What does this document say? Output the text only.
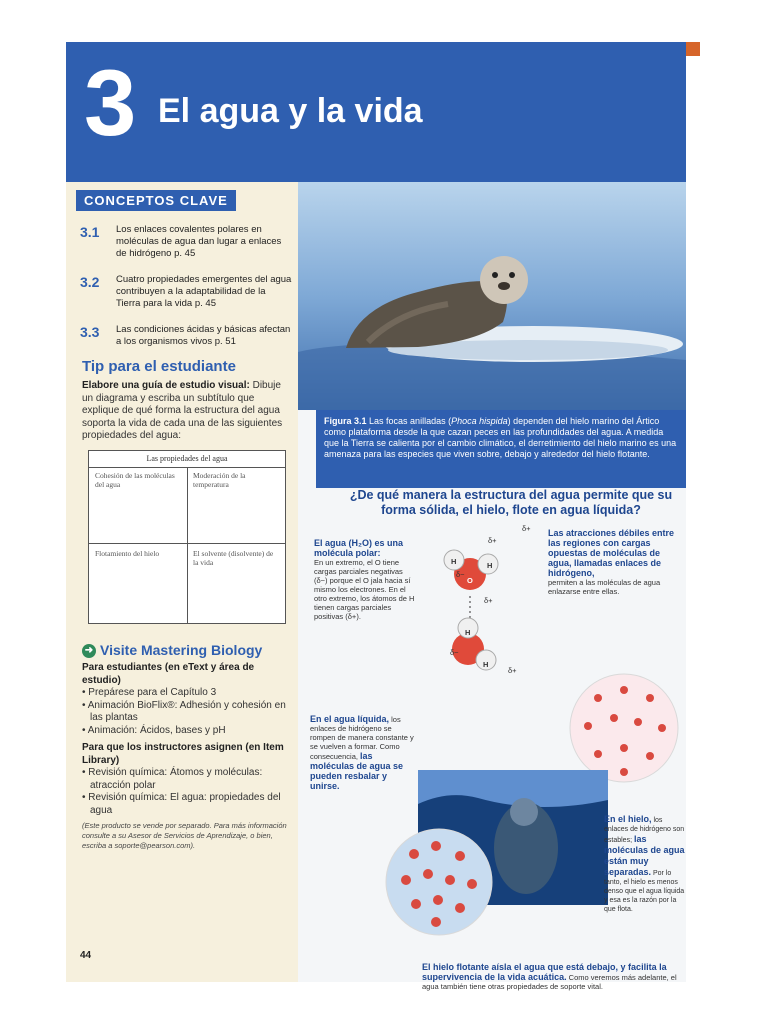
3 El agua y la vida
CONCEPTOS CLAVE
3.1 Los enlaces covalentes polares en moléculas de agua dan lugar a enlaces de hidrógeno p. 45
3.2 Cuatro propiedades emergentes del agua contribuyen a la adaptabilidad de la Tierra para la vida p. 45
3.3 Las condiciones ácidas y básicas afectan a los organismos vivos p. 51
Tip para el estudiante
Elabore una guía de estudio visual: Dibuje un diagrama y escriba un subtítulo que explique de qué forma la estructura del agua soporta la vida de cada una de las siguientes propiedades del agua:
Las propiedades del agua
Cohesión de las moléculas del agua
Moderación de la temperatura
Flotamiento del hielo	El solvente (disolvente) de la vida
➜ Visite Mastering Biology
Para estudiantes (en eText y área de estudio)
• Prepárese para el Capítulo 3
• Animación BioFlix®: Adhesión y cohesión en las plantas
• Animación: Ácidos, bases y pH
Para que los instructores asignen (en Item Library)
• Revisión química: Átomos y moléculas: atracción polar
• Revisión química: El agua: propiedades del agua
(Este producto se vende por separado. Para más información consulte a su Asesor de Servicios de Aprendizaje, o bien, escriba a soporte@pearson.com).
44
Figura 3.1 Las focas anilladas (Phoca hispida) dependen del hielo marino del Ártico como plataforma desde la que cazan peces en las profundidades del agua. A medida que la Tierra se calienta por el cambio climático, el derretimiento del hielo marino es una amenaza para las especies que viven sobre, debajo y alrededor del hielo flotante.
¿De qué manera la estructura del agua permite que su forma sólida, el hielo, flote en agua líquida?
El agua (H₂O) es una molécula polar:
En un extremo, el O tiene cargas parciales negativas (δ−) porque el O jala hacia sí mismo los electrones. En el otro extremo, los átomos de H tienen cargas parciales positivas (δ+).
δ+
δ+
δ−
δ+
δ−
δ+
H	H
O
H
H
Las atracciones débiles entre las regiones con cargas opuestas de moléculas de agua, llamadas enlaces de hidrógeno,
permiten a las moléculas de agua enlazarse entre ellas.
En el agua líquida, los enlaces de hidrógeno se rompen de manera constante y se vuelven a formar. Como consecuencia, las moléculas de agua se pueden resbalar y unirse.
En el hielo, los enlaces de hidrógeno son estables; las moléculas de agua están muy separadas. Por lo tanto, el hielo es menos denso que el agua líquida y esa es la razón por la que flota.
El hielo flotante aísla el agua que está debajo, y facilita la supervivencia de la vida acuática. Como veremos más adelante, el agua también tiene otras propiedades de soporte vital.
